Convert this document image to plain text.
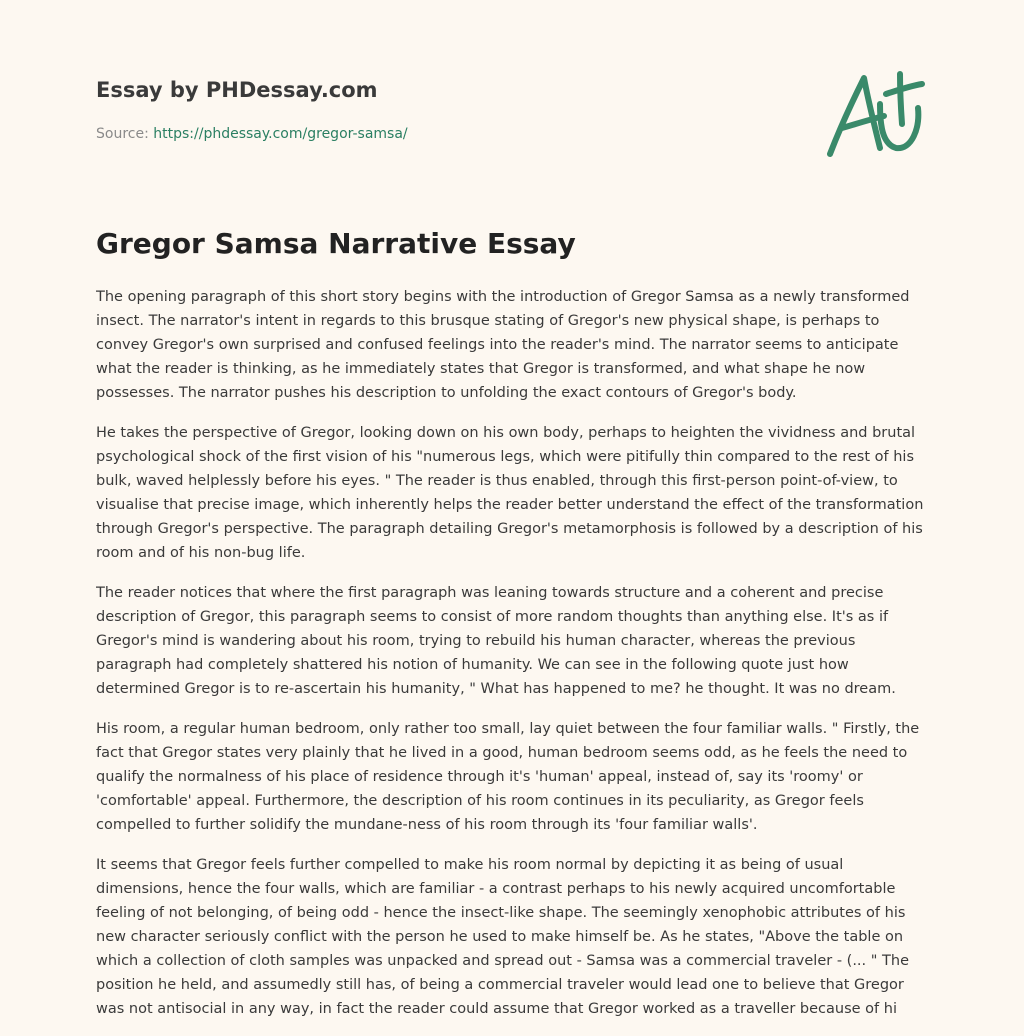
Essay by PHDessay.com
Source: https://phdessay.com/gregor-samsa/
Gregor Samsa Narrative Essay

The opening paragraph of this short story begins with the introduction of Gregor Samsa as a newly transformed insect. The narrator's intent in regards to this brusque stating of Gregor's new physical shape, is perhaps to convey Gregor's own surprised and confused feelings into the reader's mind. The narrator seems to anticipate what the reader is thinking, as he immediately states that Gregor is transformed, and what shape he now possesses. The narrator pushes his description to unfolding the exact contours of Gregor's body.

He takes the perspective of Gregor, looking down on his own body, perhaps to heighten the vividness and brutal psychological shock of the first vision of his "numerous legs, which were pitifully thin compared to the rest of his bulk, waved helplessly before his eyes. " The reader is thus enabled, through this first-person point-of-view, to visualise that precise image, which inherently helps the reader better understand the effect of the transformation through Gregor's perspective. The paragraph detailing Gregor's metamorphosis is followed by a description of his room and of his non-bug life.

The reader notices that where the first paragraph was leaning towards structure and a coherent and precise description of Gregor, this paragraph seems to consist of more random thoughts than anything else. It's as if Gregor's mind is wandering about his room, trying to rebuild his human character, whereas the previous paragraph had completely shattered his notion of humanity. We can see in the following quote just how determined Gregor is to re-ascertain his humanity, " What has happened to me? he thought. It was no dream.

His room, a regular human bedroom, only rather too small, lay quiet between the four familiar walls. " Firstly, the fact that Gregor states very plainly that he lived in a good, human bedroom seems odd, as he feels the need to qualify the normalness of his place of residence through it's 'human' appeal, instead of, say its 'roomy' or 'comfortable' appeal. Furthermore, the description of his room continues in its peculiarity, as Gregor feels compelled to further solidify the mundane-ness of his room through its 'four familiar walls'.

It seems that Gregor feels further compelled to make his room normal by depicting it as being of usual dimensions, hence the four walls, which are familiar - a contrast perhaps to his newly acquired uncomfortable feeling of not belonging, of being odd - hence the insect-like shape. The seemingly xenophobic attributes of his new character seriously conflict with the person he used to make himself be. As he states, "Above the table on which a collection of cloth samples was unpacked and spread out - Samsa was a commercial traveler - (... " The position he held, and assumedly still has, of being a commercial traveler would lead one to believe that Gregor was not antisocial in any way, in fact the reader could assume that Gregor worked as a traveller because of hi
